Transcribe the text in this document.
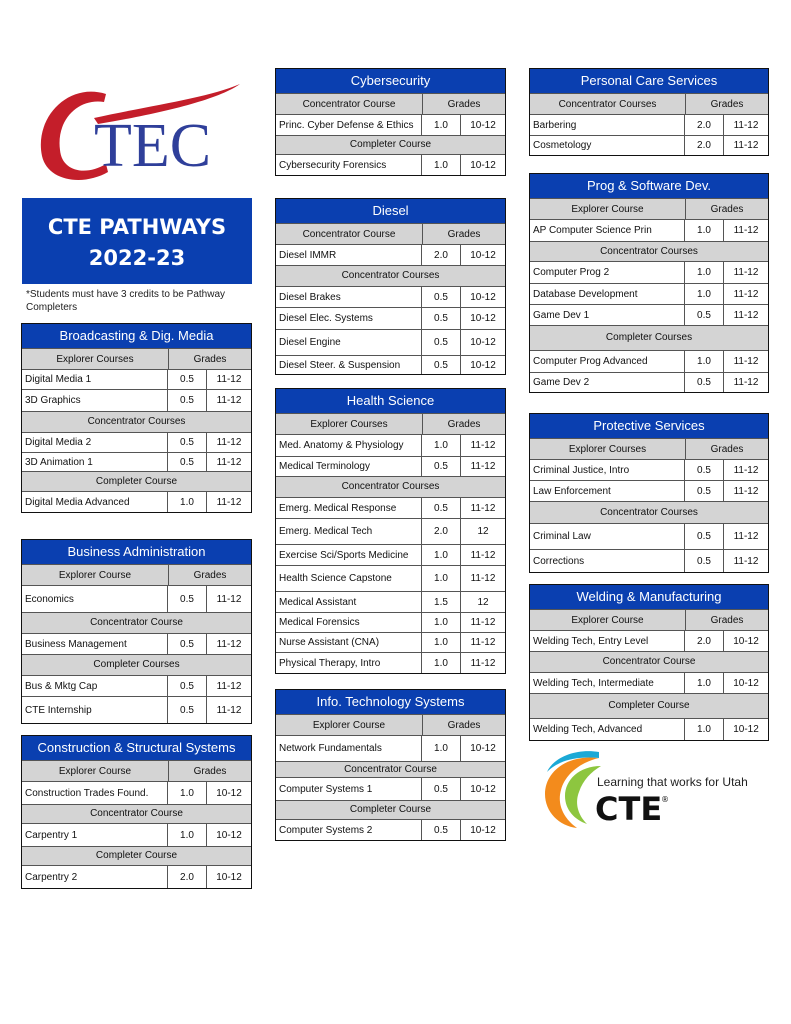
TEC
CTE PATHWAYS
2022-23
*Students must have 3 credits to be Pathway Completers
Broadcasting & Dig. Media
Explorer Courses	Grades
Digital Media 1	0.5	11-12
3D Graphics	0.5	11-12
Concentrator Courses
Digital Media 2	0.5	11-12
3D Animation 1	0.5	11-12
Completer Course
Digital Media Advanced	1.0	11-12
Business Administration
Explorer Course	Grades
Economics	0.5	11-12
Concentrator Course
Business Management	0.5	11-12
Completer Courses
Bus & Mktg Cap	0.5	11-12
CTE Internship	0.5	11-12
Construction & Structural Systems
Explorer Course	Grades
Construction Trades Found.	1.0	10-12
Concentrator Course
Carpentry 1	1.0	10-12
Completer Course
Carpentry 2	2.0	10-12
Cybersecurity
Concentrator Course	Grades
Princ. Cyber Defense & Ethics	1.0	10-12
Completer Course
Cybersecurity Forensics	1.0	10-12
Diesel
Concentrator Course	Grades
Diesel IMMR	2.0	10-12
Concentrator Courses
Diesel Brakes	0.5	10-12
Diesel Elec. Systems	0.5	10-12
Diesel Engine	0.5	10-12
Diesel Steer. & Suspension	0.5	10-12
Health Science
Explorer Courses	Grades
Med. Anatomy & Physiology	1.0	11-12
Medical Terminology	0.5	11-12
Concentrator Courses
Emerg. Medical Response	0.5	11-12
Emerg. Medical Tech	2.0	12
Exercise Sci/Sports Medicine	1.0	11-12
Health Science Capstone	1.0	11-12
Medical Assistant	1.5	12
Medical Forensics	1.0	11-12
Nurse Assistant (CNA)	1.0	11-12
Physical Therapy, Intro	1.0	11-12
Info. Technology Systems
Explorer Course	Grades
Network Fundamentals	1.0	10-12
Concentrator Course
Computer Systems 1	0.5	10-12
Completer Course
Computer Systems 2	0.5	10-12
Personal Care Services
Concentrator Courses	Grades
Barbering	2.0	11-12
Cosmetology	2.0	11-12
Prog & Software Dev.
Explorer Course	Grades
AP Computer Science Prin	1.0	11-12
Concentrator Courses
Computer Prog 2	1.0	11-12
Database Development	1.0	11-12
Game Dev 1	0.5	11-12
Completer Courses
Computer Prog Advanced	1.0	11-12
Game Dev 2	0.5	11-12
Protective Services
Explorer Courses	Grades
Criminal Justice, Intro	0.5	11-12
Law Enforcement	0.5	11-12
Concentrator Courses
Criminal Law	0.5	11-12
Corrections	0.5	11-12
Welding & Manufacturing
Explorer Course	Grades
Welding Tech, Entry Level	2.0	10-12
Concentrator Course
Welding Tech, Intermediate	1.0	10-12
Completer Course
Welding Tech, Advanced	1.0	10-12
Learning that works for Utah
CTE
®
